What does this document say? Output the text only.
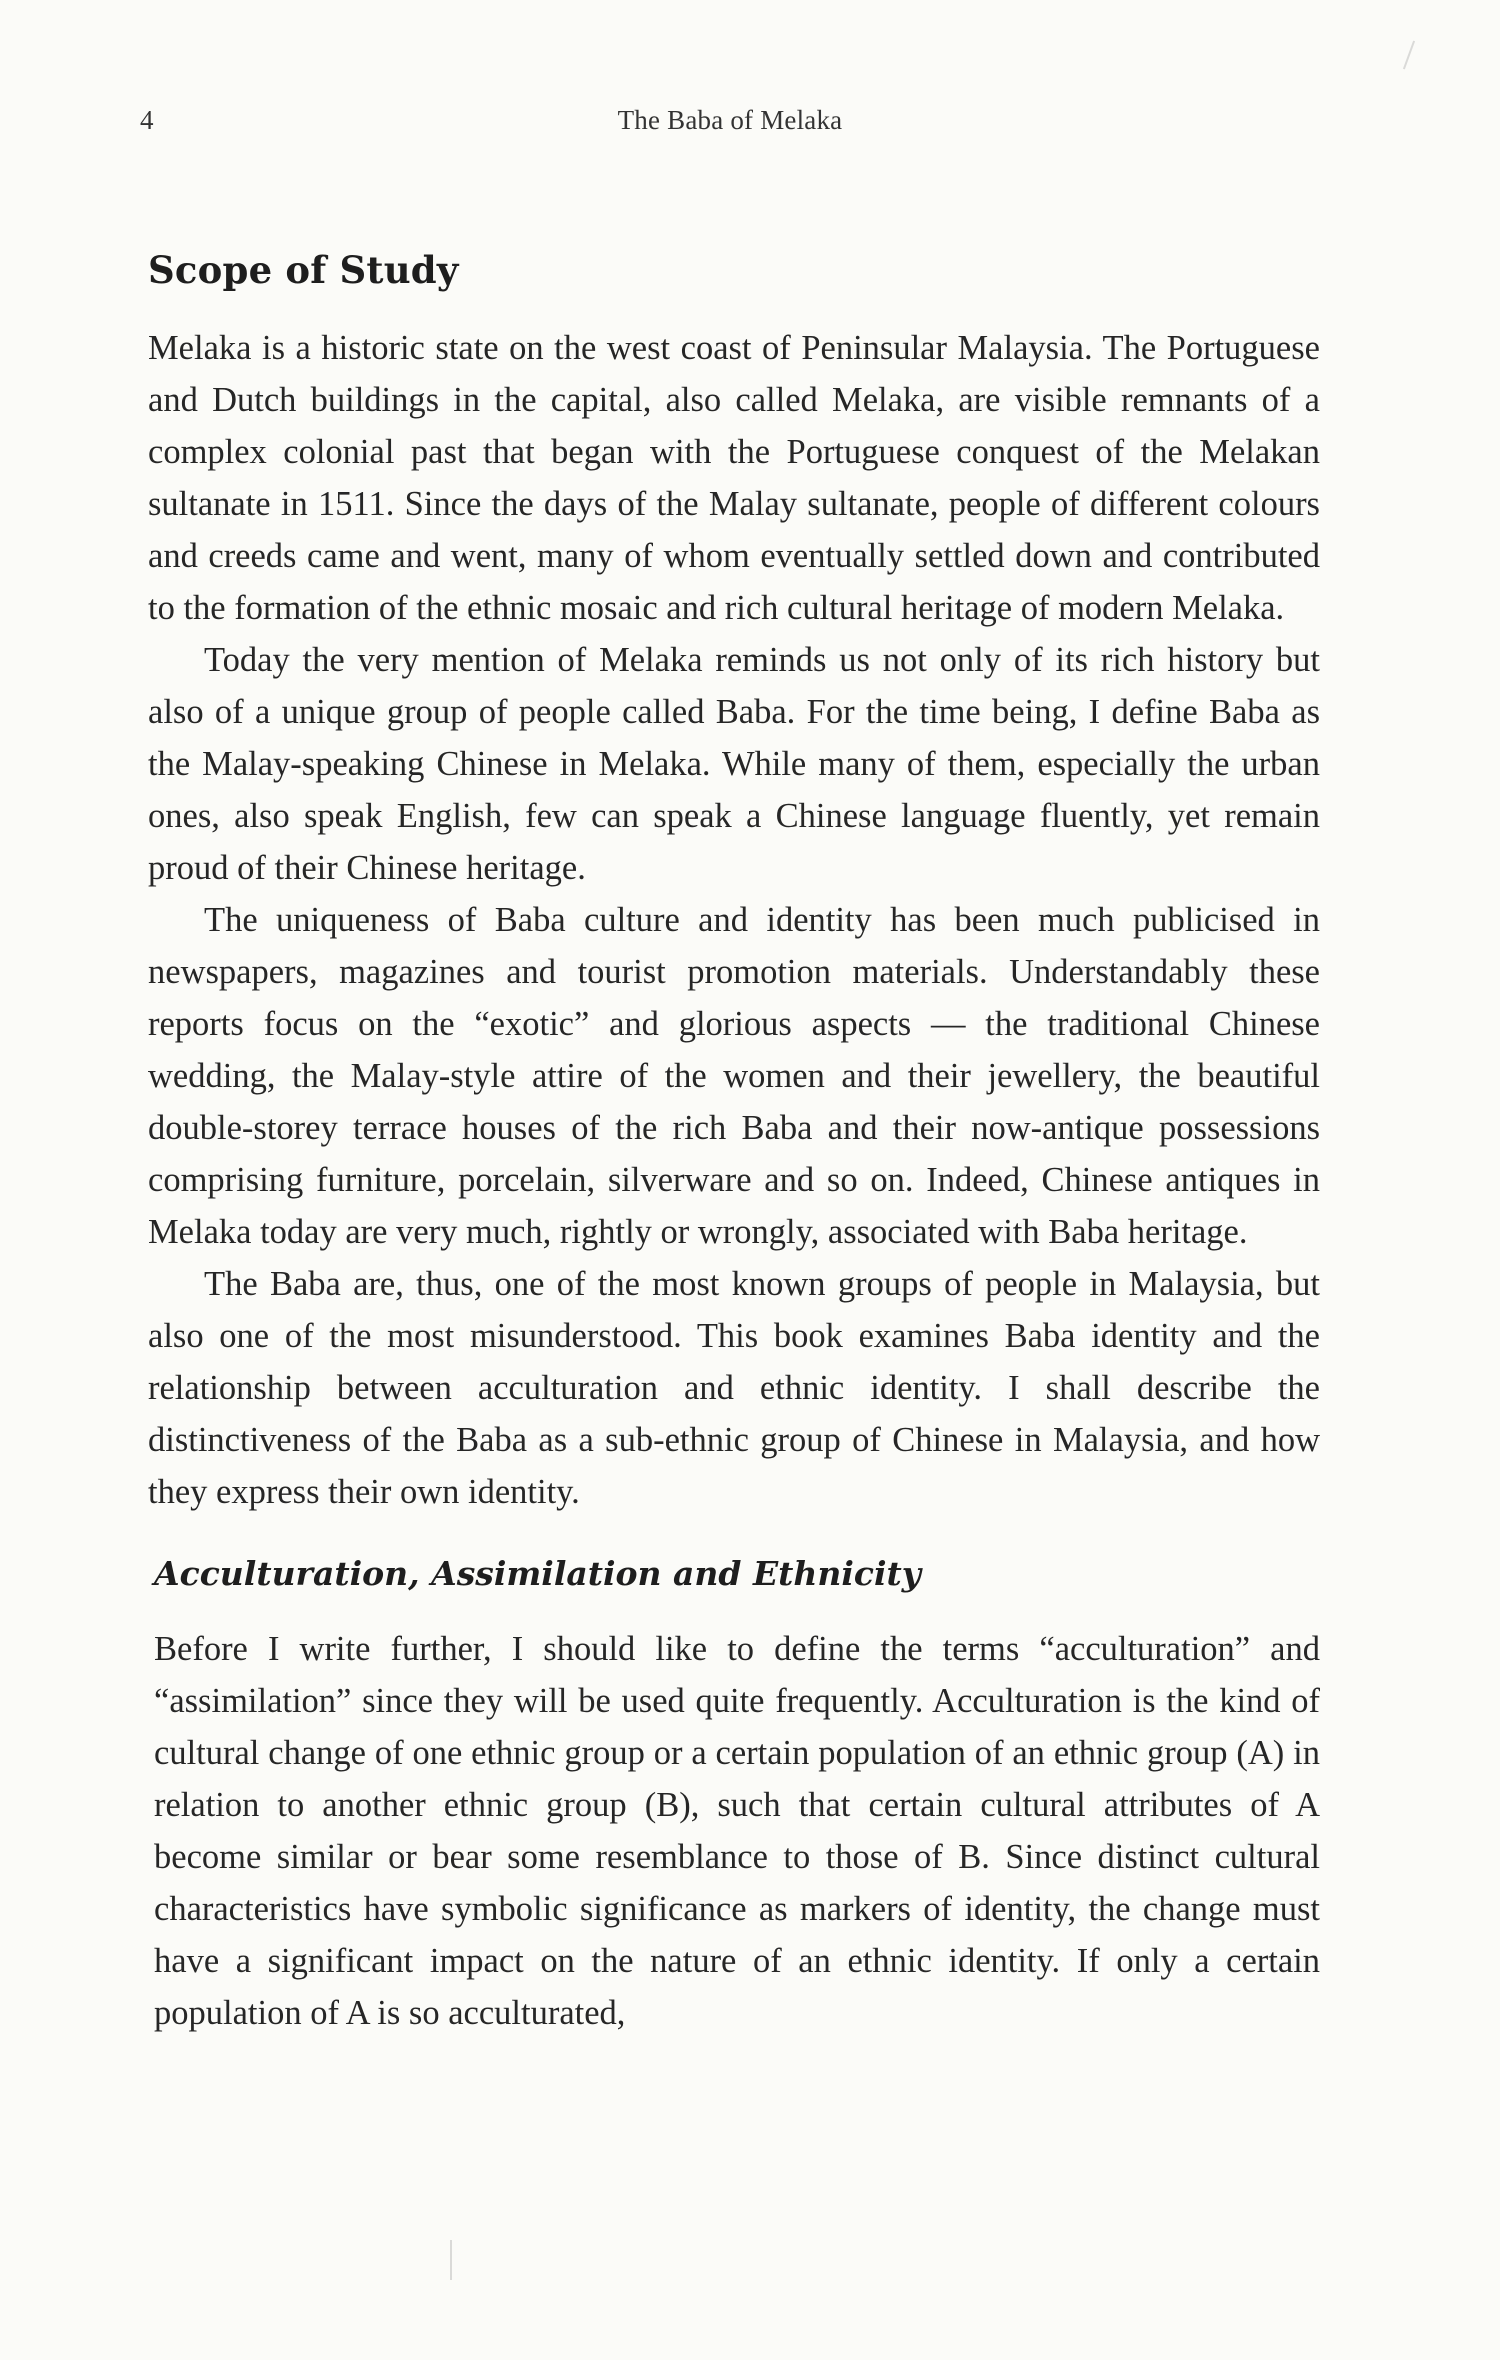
4	The Baba of Melaka
Scope of Study

Melaka is a historic state on the west coast of Peninsular Malaysia. The Portuguese and Dutch buildings in the capital, also called Melaka, are visible remnants of a complex colonial past that began with the Portuguese conquest of the Melakan sultanate in 1511. Since the days of the Malay sultanate, people of different colours and creeds came and went, many of whom eventually settled down and contributed to the formation of the ethnic mosaic and rich cultural heritage of modern Melaka.

Today the very mention of Melaka reminds us not only of its rich history but also of a unique group of people called Baba. For the time being, I define Baba as the Malay-speaking Chinese in Melaka. While many of them, especially the urban ones, also speak English, few can speak a Chinese language fluently, yet remain proud of their Chinese heritage.

The uniqueness of Baba culture and identity has been much publicised in newspapers, magazines and tourist promotion materials. Understandably these reports focus on the “exotic” and glorious aspects — the traditional Chinese wedding, the Malay-style attire of the women and their jewellery, the beautiful double-storey terrace houses of the rich Baba and their now-antique possessions comprising furniture, porcelain, silverware and so on. Indeed, Chinese antiques in Melaka today are very much, rightly or wrongly, associated with Baba heritage.

The Baba are, thus, one of the most known groups of people in Malaysia, but also one of the most misunderstood. This book examines Baba identity and the relationship between acculturation and ethnic identity. I shall describe the distinctiveness of the Baba as a sub-ethnic group of Chinese in Malaysia, and how they express their own identity.

Acculturation, Assimilation and Ethnicity

Before I write further, I should like to define the terms “acculturation” and “assimilation” since they will be used quite frequently. Acculturation is the kind of cultural change of one ethnic group or a certain population of an ethnic group (A) in relation to another ethnic group (B), such that certain cultural attributes of A become similar or bear some resemblance to those of B. Since distinct cultural characteristics have symbolic significance as markers of identity, the change must have a significant impact on the nature of an ethnic identity. If only a certain population of A is so acculturated,
